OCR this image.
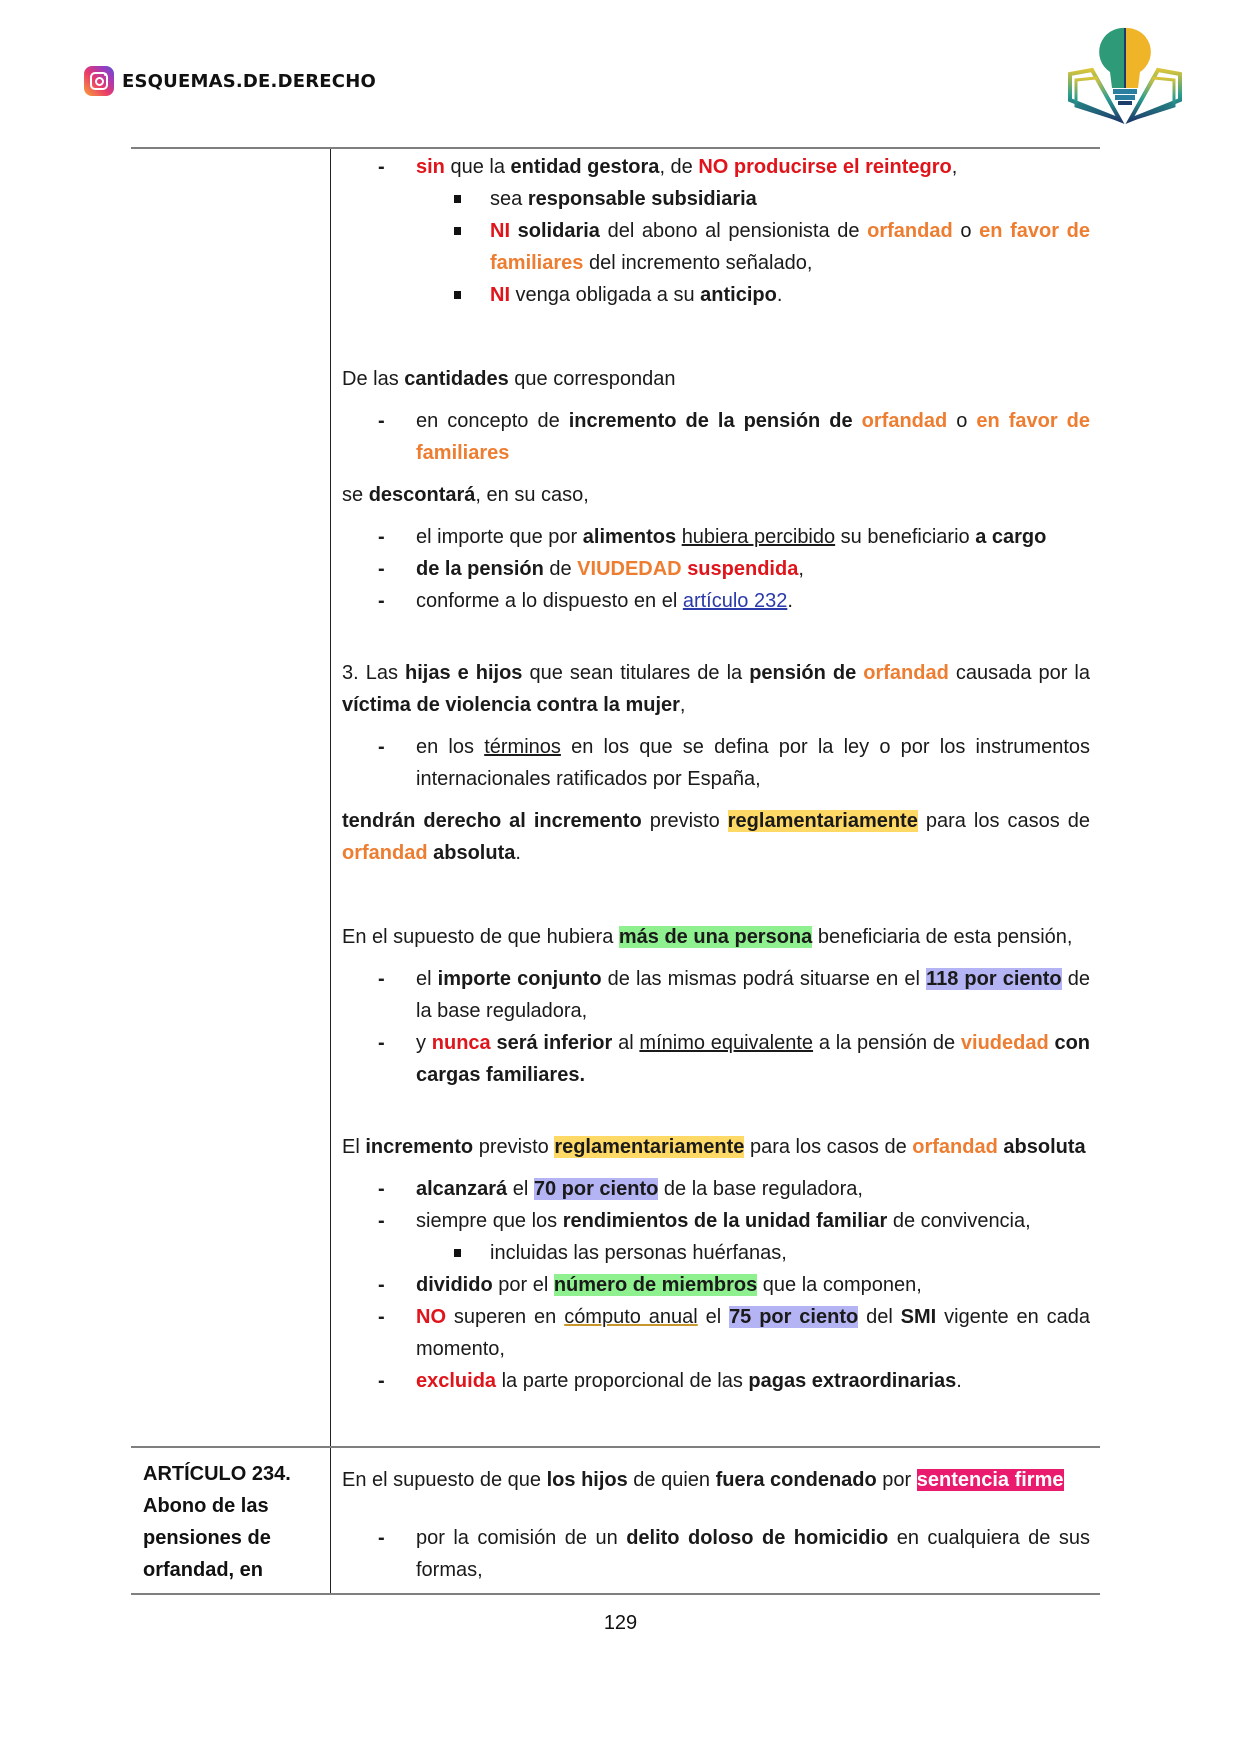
ESQUEMAS.DE.DERECHO
- sin que la entidad gestora, de NO producirse el reintegro,
sea responsable subsidiaria
NI solidaria del abono al pensionista de orfandad o en favor de familiares del incremento señalado,
NI venga obligada a su anticipo.

De las cantidades que correspondan

- en concepto de incremento de la pensión de orfandad o en favor de familiares

se descontará, en su caso,

- el importe que por alimentos hubiera percibido su beneficiario a cargo
- de la pensión de VIUDEDAD suspendida,
- conforme a lo dispuesto en el artículo 232.

3. Las hijas e hijos que sean titulares de la pensión de orfandad causada por la víctima de violencia contra la mujer,

- en los términos en los que se defina por la ley o por los instrumentos internacionales ratificados por España,

tendrán derecho al incremento previsto reglamentariamente para los casos de orfandad absoluta.

En el supuesto de que hubiera más de una persona beneficiaria de esta pensión,

- el importe conjunto de las mismas podrá situarse en el 118 por ciento de la base reguladora,
- y nunca será inferior al mínimo equivalente a la pensión de viudedad con cargas familiares.

El incremento previsto reglamentariamente para los casos de orfandad absoluta

- alcanzará el 70 por ciento de la base reguladora,
- siempre que los rendimientos de la unidad familiar de convivencia,
incluidas las personas huérfanas,
- dividido por el número de miembros que la componen,
- NO superen en cómputo anual el 75 por ciento del SMI vigente en cada momento,
- excluida la parte proporcional de las pagas extraordinarias.
ARTÍCULO 234. Abono de las pensiones de orfandad, en

En el supuesto de que los hijos de quien fuera condenado por sentencia firme

- por la comisión de un delito doloso de homicidio en cualquiera de sus formas,
129
